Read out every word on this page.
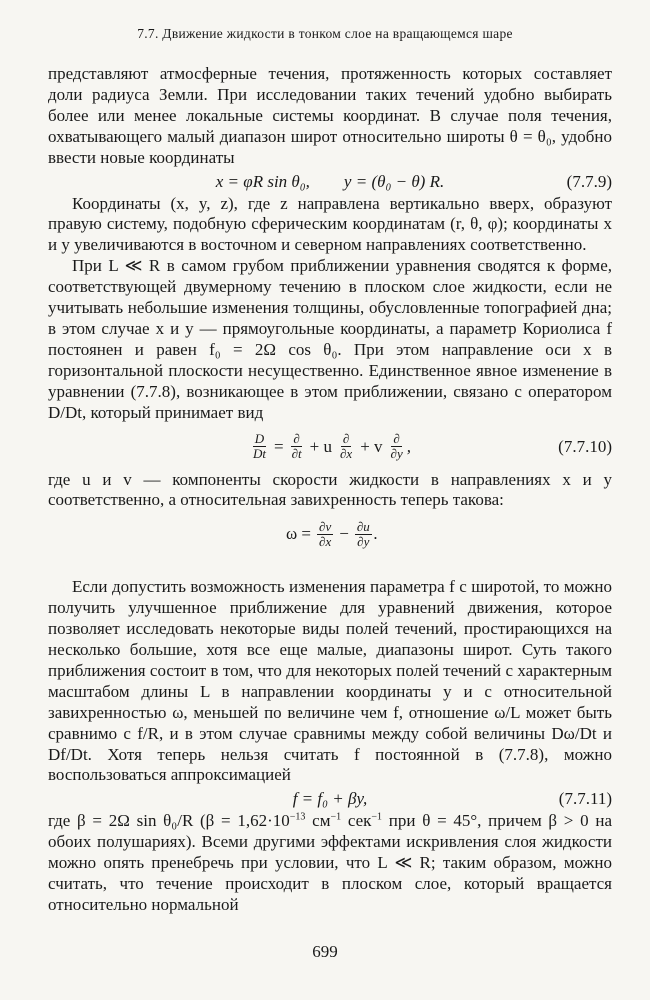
7.7. Движение жидкости в тонком слое на вращающемся шаре

представляют атмосферные течения, протяженность которых составляет доли радиуса Земли. При исследовании таких течений удобно выбирать более или менее локальные системы координат. В случае поля течения, охватывающего малый диапазон широт относительно широты θ = θ₀, удобно ввести новые координаты

x = φR sin θ₀,        y = (θ₀ − θ) R.	(7.7.9)

Координаты (x, y, z), где z направлена вертикально вверх, образуют правую систему, подобную сферическим координатам (r, θ, φ); координаты x и y увеличиваются в восточном и северном направлениях соответственно.

При L ≪ R в самом грубом приближении уравнения сводятся к форме, соответствующей двумерному течению в плоском слое жидкости, если не учитывать небольшие изменения толщины, обусловленные топографией дна; в этом случае x и y — прямоугольные координаты, а параметр Кориолиса f постоянен и равен f₀ = 2Ω cos θ₀. При этом направление оси x в горизонтальной плоскости несущественно. Единственное явное изменение в уравнении (7.7.8), возникающее в этом приближении, связано с оператором D/Dt, который принимает вид

$\frac{D}{Dt}$ = ∂
∂t + u ∂
∂x + v ∂
∂y ,	(7.7.10)

где u и v — компоненты скорости жидкости в направлениях x и y соответственно, а относительная завихренность теперь такова:

$\omega = \frac{\partial v}{\partial x} - \frac{\partial u}{\partial y}$ .

Если допустить возможность изменения параметра f с широтой, то можно получить улучшенное приближение для уравнений движения, которое позволяет исследовать некоторые виды полей течений, простирающихся на несколько большие, хотя все еще малые, диапазоны широт. Суть такого приближения состоит в том, что для некоторых полей течений с характерным масштабом длины L в направлении координаты y и с относительной завихренностью ω, меньшей по величине чем f, отношение ω/L может быть сравнимо с f/R, и в этом случае сравнимы между собой величины Dω/Dt и Df/Dt. Хотя теперь нельзя считать f постоянной в (7.7.8), можно воспользоваться аппроксимацией

f = f₀ + βy,	(7.7.11)

где β = 2Ω sin θ₀/R ($\beta = 1,62\cdot 10^{-13}$ $см^{-1}$ сек$^{-1}$ при θ = 45°, причем β > 0 на обоих полушариях). Всеми другими эффектами искривления слоя жидкости можно опять пренебречь при условии, что L ≪ R; таким образом, можно считать, что течение происходит в плоском слое, который вращается относительно нормальной

699
